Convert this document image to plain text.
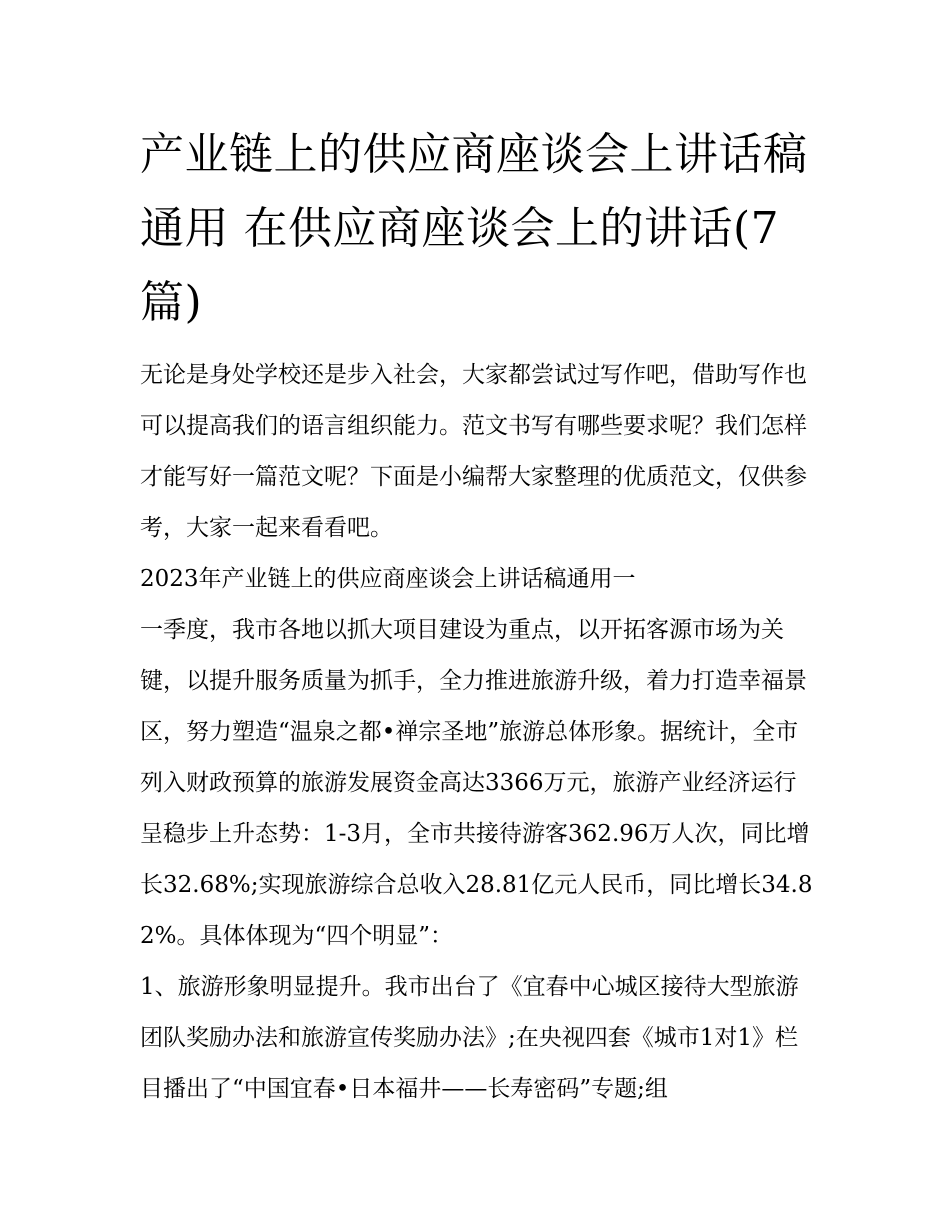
产业链上的供应商座谈会上讲话稿通用 在供应商座谈会上的讲话(7篇)

无论是身处学校还是步入社会，大家都尝试过写作吧，借助写作也可以提高我们的语言组织能力。范文书写有哪些要求呢？我们怎样才能写好一篇范文呢？下面是小编帮大家整理的优质范文，仅供参考，大家一起来看看吧。

2023年产业链上的供应商座谈会上讲话稿通用一

一季度，我市各地以抓大项目建设为重点，以开拓客源市场为关键，以提升服务质量为抓手，全力推进旅游升级，着力打造幸福景区，努力塑造“温泉之都•禅宗圣地”旅游总体形象。据统计，全市列入财政预算的旅游发展资金高达3366万元，旅游产业经济运行呈稳步上升态势：1-3月，全市共接待游客362.96万人次，同比增长32.68%;实现旅游综合总收入28.81亿元人民币，同比增长34.82%。具体体现为“四个明显”：

1、旅游形象明显提升。我市出台了《宜春中心城区接待大型旅游团队奖励办法和旅游宣传奖励办法》;在央视四套《城市1对1》栏目播出了“中国宜春•日本福井——长寿密码”专题;组
